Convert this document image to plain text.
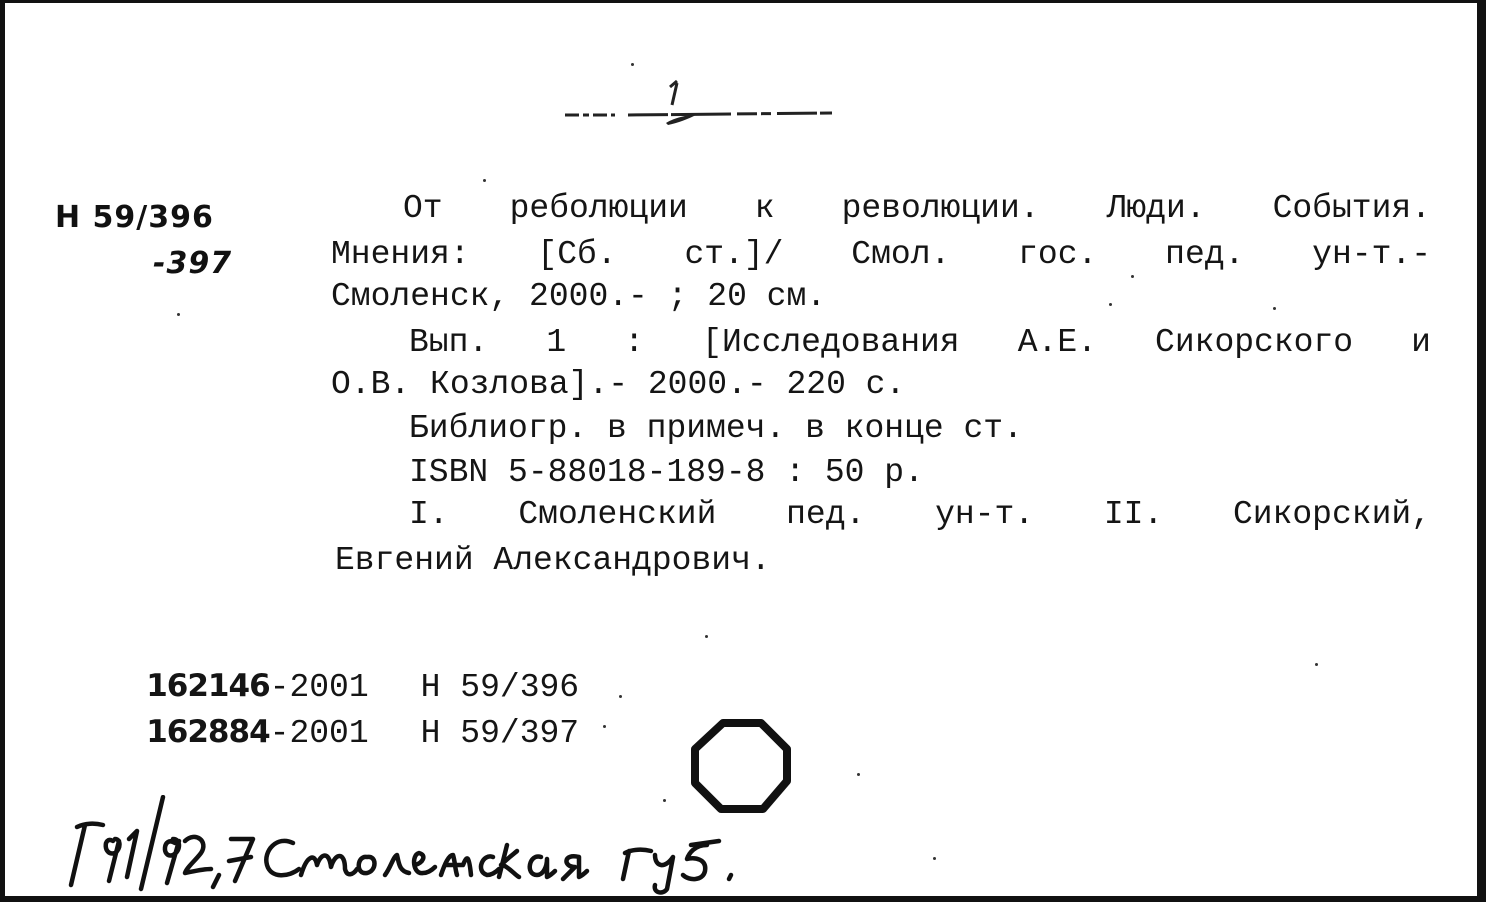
Н 59/396
-397
От реболюции к революции. Люди. События.
Мнения: [Сб. ст.]/ Смол. гос. пед. ун-т.-
Смоленск, 2000.- ; 20 см.
Вып. 1 : [Исследования А.Е. Сикорского и
О.В. Козлова].- 2000.- 220 с.
Библиогр. в примеч. в конце ст.
ISBN 5-88018-189-8 : 50 р.
I. Смоленский пед. ун-т. II. Сикорский,
Евгений Александрович.

162146-2001 Н 59/396

162884-2001 Н 59/397
